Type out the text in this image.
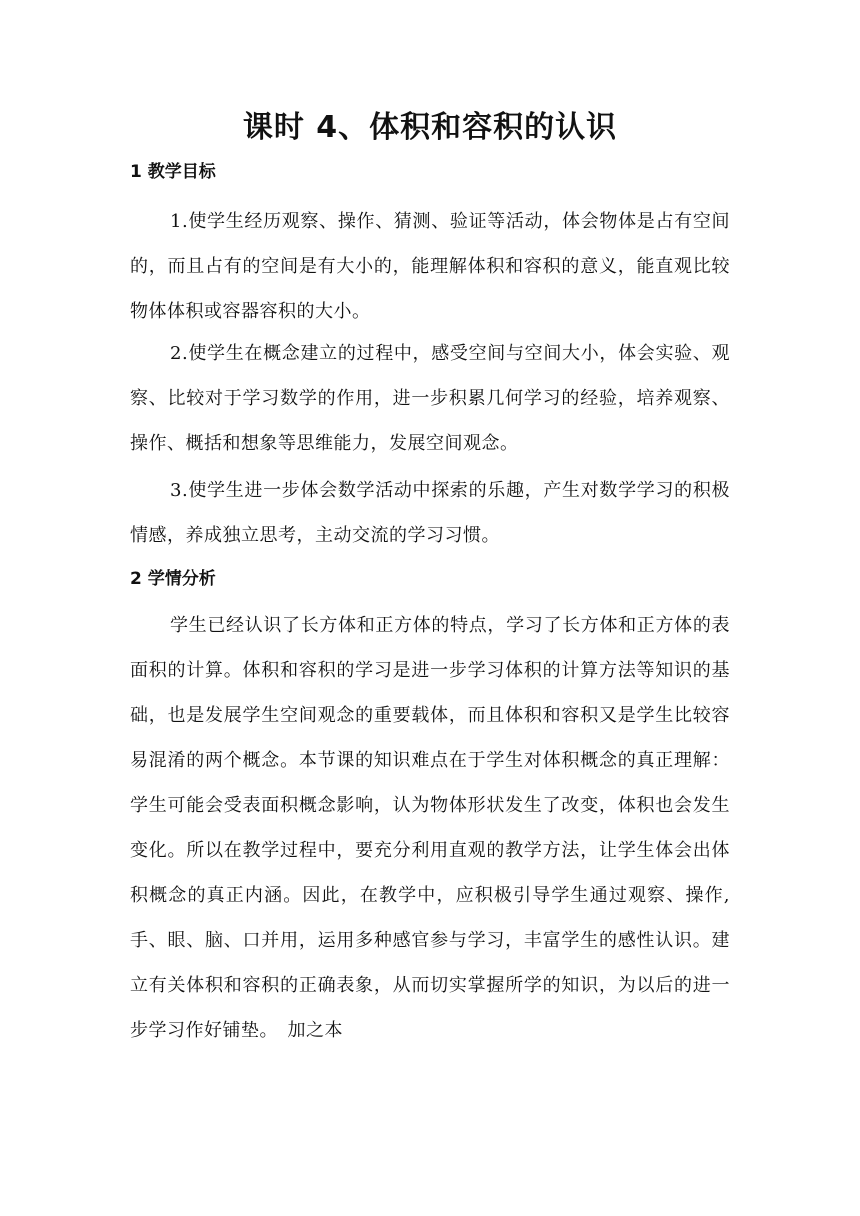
课时 4、体积和容积的认识
1 教学目标

1.使学生经历观察、操作、猜测、验证等活动，体会物体是占有空间的，而且占有的空间是有大小的，能理解体积和容积的意义，能直观比较物体体积或容器容积的大小。

2.使学生在概念建立的过程中，感受空间与空间大小，体会实验、观察、比较对于学习数学的作用，进一步积累几何学习的经验，培养观察、操作、概括和想象等思维能力，发展空间观念。

3.使学生进一步体会数学活动中探索的乐趣，产生对数学学习的积极情感，养成独立思考，主动交流的学习习惯。

2 学情分析

学生已经认识了长方体和正方体的特点，学习了长方体和正方体的表面积的计算。体积和容积的学习是进一步学习体积的计算方法等知识的基础，也是发展学生空间观念的重要载体，而且体积和容积又是学生比较容易混淆的两个概念。本节课的知识难点在于学生对体积概念的真正理解：学生可能会受表面积概念影响，认为物体形状发生了改变，体积也会发生变化。所以在教学过程中，要充分利用直观的教学方法，让学生体会出体积概念的真正内涵。因此，在教学中，应积极引导学生通过观察、操作,手、眼、脑、口并用，运用多种感官参与学习，丰富学生的感性认识。建立有关体积和容积的正确表象，从而切实掌握所学的知识，为以后的进一步学习作好铺垫。　加之本
